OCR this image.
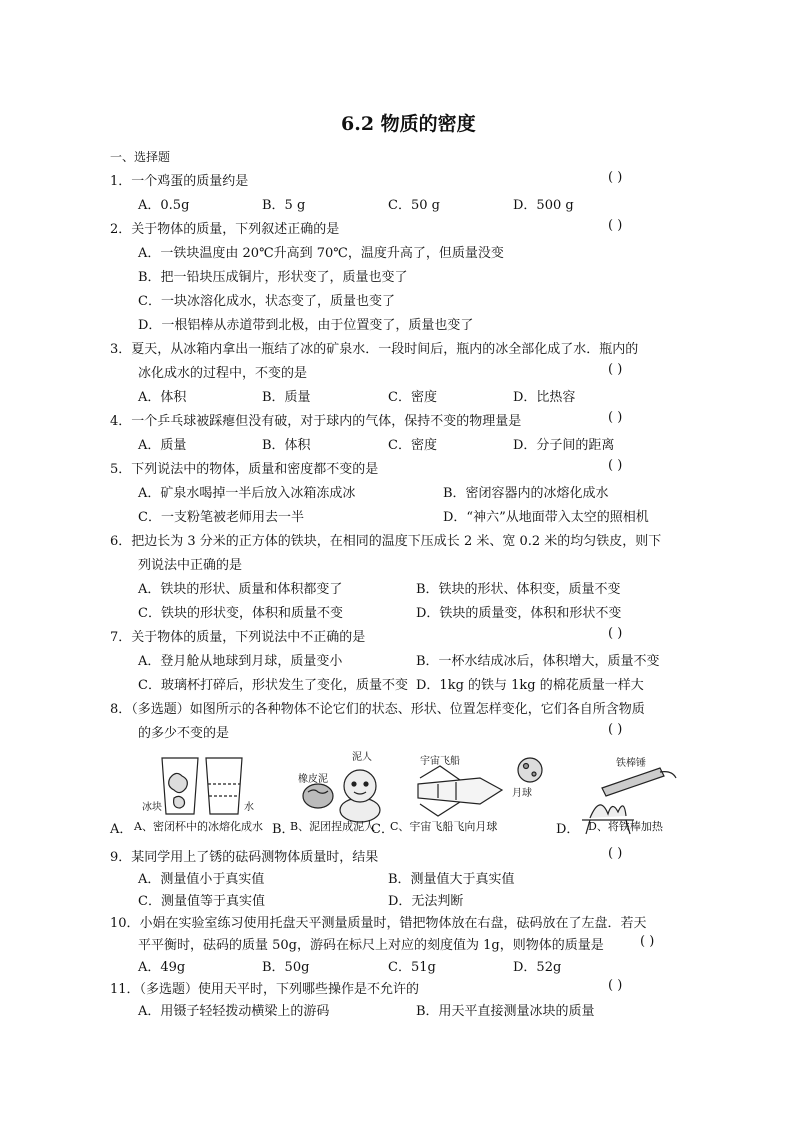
6.2 物质的密度
一、选择题
1．一个鸡蛋的质量约是	( )
A．0.5g	B．5 g	C．50 g	D．500 g
2．关于物体的质量，下列叙述正确的是	( )
A．一铁块温度由 20℃升高到 70℃，温度升高了，但质量没变
B．把一铅块压成铜片，形状变了，质量也变了
C．一块冰溶化成水，状态变了，质量也变了
D．一根铝棒从赤道带到北极，由于位置变了，质量也变了
3．夏天，从冰箱内拿出一瓶结了冰的矿泉水．一段时间后，瓶内的冰全部化成了水．瓶内的
冰化成水的过程中，不变的是	( )
A．体积	B．质量	C．密度	D．比热容
4．一个乒乓球被踩瘪但没有破，对于球内的气体，保持不变的物理量是	( )
A．质量	B．体积	C．密度	D．分子间的距离
5．下列说法中的物体，质量和密度都不变的是	( )
A．矿泉水喝掉一半后放入冰箱冻成冰	B．密闭容器内的冰熔化成水
C．一支粉笔被老师用去一半	D．“神六”从地面带入太空的照相机
6．把边长为 3 分米的正方体的铁块，在相同的温度下压成长 2 米、宽 0.2 米的均匀铁皮，则下
列说法中正确的是
A．铁块的形状、质量和体积都变了	B．铁块的形状、体积变，质量不变
C．铁块的形状变，体积和质量不变	D．铁块的质量变，体积和形状不变
7．关于物体的质量，下列说法中不正确的是	( )
A．登月舱从地球到月球，质量变小	B．一杯水结成冰后，体积增大，质量不变
C．玻璃杯打碎后，形状发生了变化，质量不变 D．1kg 的铁与 1kg 的棉花质量一样大
8．（多选题）如图所示的各种物体不论它们的状态、形状、位置怎样变化，它们各自所含物质
的多少不变的是	( )
冰块	水
橡皮泥
泥人	宇宙飞船
月球
铁棒锤
A． A、密闭杯中的冰熔化成水 B．
B、泥团捏成泥人
C．
C、宇宙飞船飞向月球	D． D、将铁棒加热
9．某同学用上了锈的砝码测物体质量时，结果	( )
A．测量值小于真实值	B．测量值大于真实值
C．测量值等于真实值	D．无法判断
10．小娟在实验室练习使用托盘天平测量质量时，错把物体放在右盘，砝码放在了左盘．若天
平平衡时，砝码的质量 50g，游码在标尺上对应的刻度值为 1g，则物体的质量是	( )
A．49g	B．50g	C．51g	D．52g
11．（多选题）使用天平时，下列哪些操作是不允许的	( )
A．用镊子轻轻拨动横梁上的游码	B．用天平直接测量冰块的质量
